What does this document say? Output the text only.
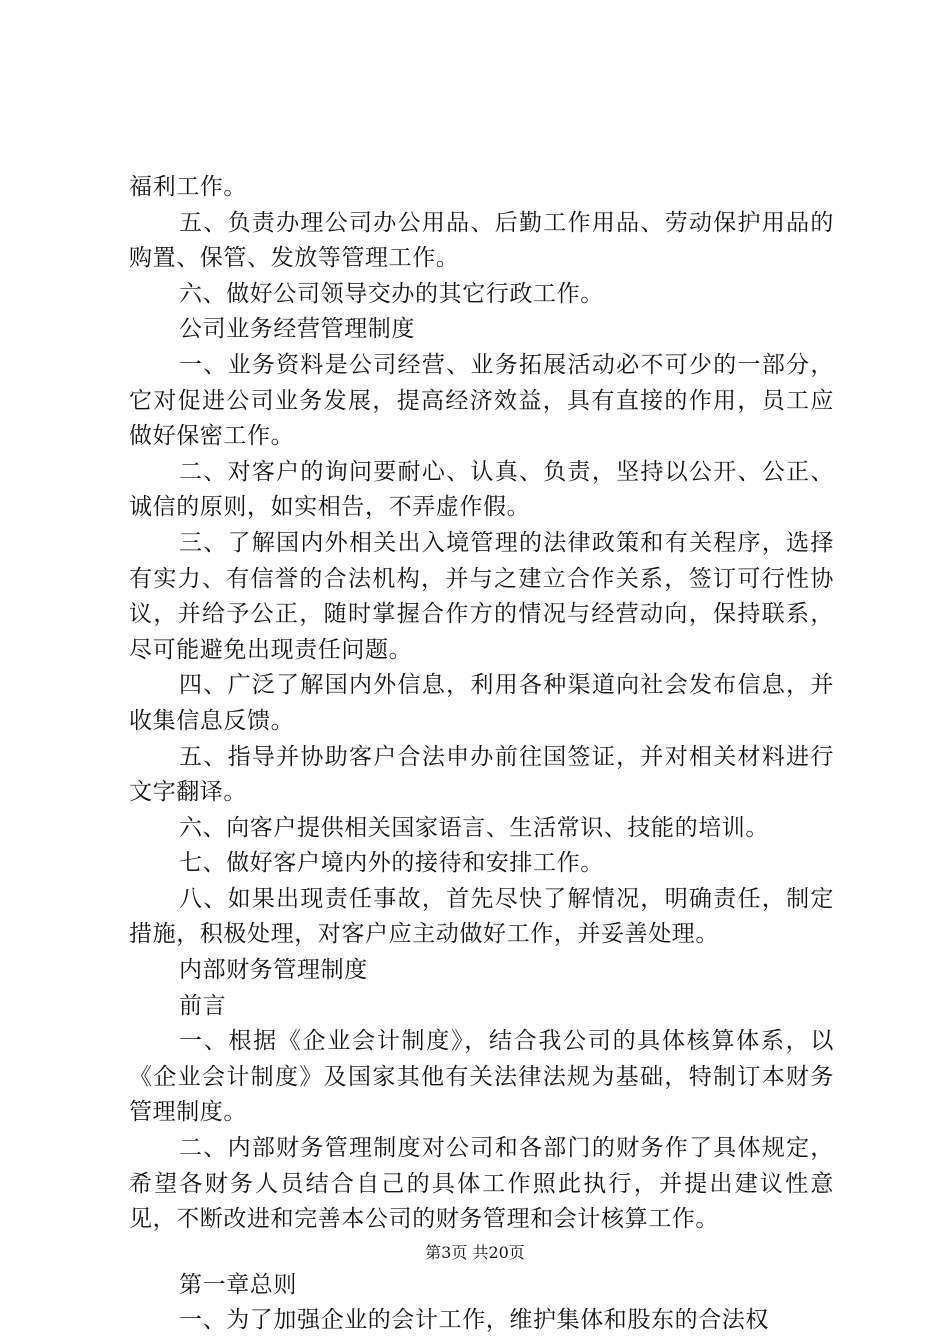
福利工作。

五、负责办理公司办公用品、后勤工作用品、劳动保护用品的购置、保管、发放等管理工作。

六、做好公司领导交办的其它行政工作。

公司业务经营管理制度

一、业务资料是公司经营、业务拓展活动必不可少的一部分，它对促进公司业务发展，提高经济效益，具有直接的作用，员工应做好保密工作。

二、对客户的询问要耐心、认真、负责，坚持以公开、公正、诚信的原则，如实相告，不弄虚作假。

三、了解国内外相关出入境管理的法律政策和有关程序，选择有实力、有信誉的合法机构，并与之建立合作关系，签订可行性协议，并给予公正，随时掌握合作方的情况与经营动向，保持联系，尽可能避免出现责任问题。

四、广泛了解国内外信息，利用各种渠道向社会发布信息，并收集信息反馈。

五、指导并协助客户合法申办前往国签证，并对相关材料进行文字翻译。

六、向客户提供相关国家语言、生活常识、技能的培训。

七、做好客户境内外的接待和安排工作。

八、如果出现责任事故，首先尽快了解情况，明确责任，制定措施，积极处理，对客户应主动做好工作，并妥善处理。

内部财务管理制度

前言

一、根据《企业会计制度》，结合我公司的具体核算体系，以《企业会计制度》及国家其他有关法律法规为基础，特制订本财务管理制度。

二、内部财务管理制度对公司和各部门的财务作了具体规定，希望各财务人员结合自己的具体工作照此执行，并提出建议性意见，不断改进和完善本公司的财务管理和会计核算工作。

第一章总则

一、为了加强企业的会计工作，维护集体和股东的合法权

第3页 共20页
